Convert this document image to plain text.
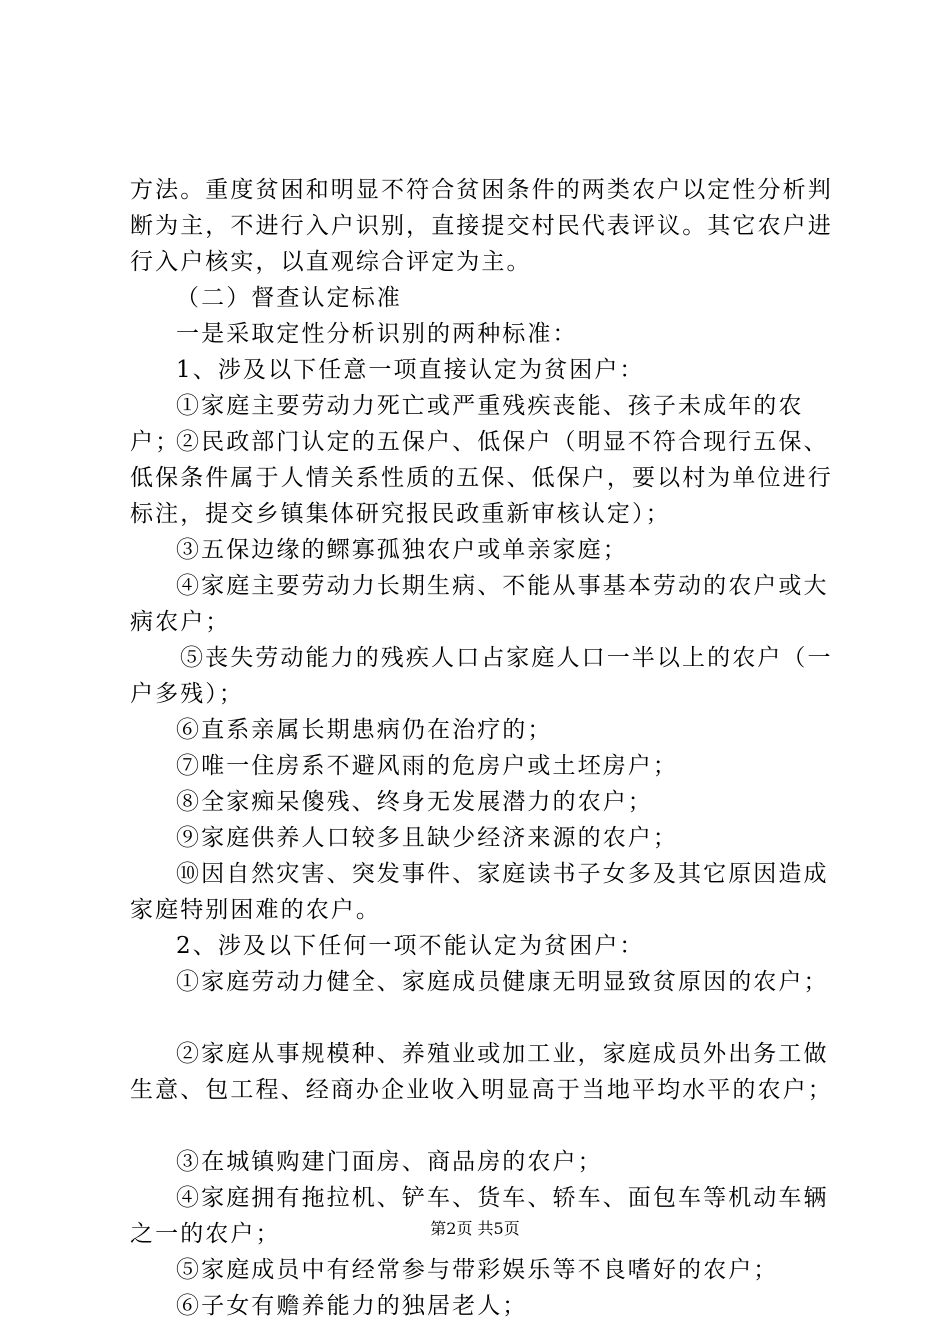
方法。重度贫困和明显不符合贫困条件的两类农户以定性分析判断为主，不进行入户识别，直接提交村民代表评议。其它农户进行入户核实，以直观综合评定为主。

（二）督查认定标准

一是采取定性分析识别的两种标准：

1、涉及以下任意一项直接认定为贫困户：

①家庭主要劳动力死亡或严重残疾丧能、孩子未成年的农户；

②民政部门认定的五保户、低保户（明显不符合现行五保、低保条件属于人情关系性质的五保、低保户，要以村为单位进行标注，提交乡镇集体研究报民政重新审核认定）；

③五保边缘的鳏寡孤独农户或单亲家庭；

④家庭主要劳动力长期生病、不能从事基本劳动的农户或大病农户；

⑤丧失劳动能力的残疾人口占家庭人口一半以上的农户（一户多残）；

⑥直系亲属长期患病仍在治疗的；

⑦唯一住房系不避风雨的危房户或土坯房户；

⑧全家痴呆傻残、终身无发展潜力的农户；

⑨家庭供养人口较多且缺少经济来源的农户；

⑩因自然灾害、突发事件、家庭读书子女多及其它原因造成家庭特别困难的农户。

2、涉及以下任何一项不能认定为贫困户：

①家庭劳动力健全、家庭成员健康无明显致贫原因的农户；

②家庭从事规模种、养殖业或加工业，家庭成员外出务工做生意、包工程、经商办企业收入明显高于当地平均水平的农户；

③在城镇购建门面房、商品房的农户；

④家庭拥有拖拉机、铲车、货车、轿车、面包车等机动车辆之一的农户；

⑤家庭成员中有经常参与带彩娱乐等不良嗜好的农户；

⑥子女有赡养能力的独居老人；

第2页 共5页
